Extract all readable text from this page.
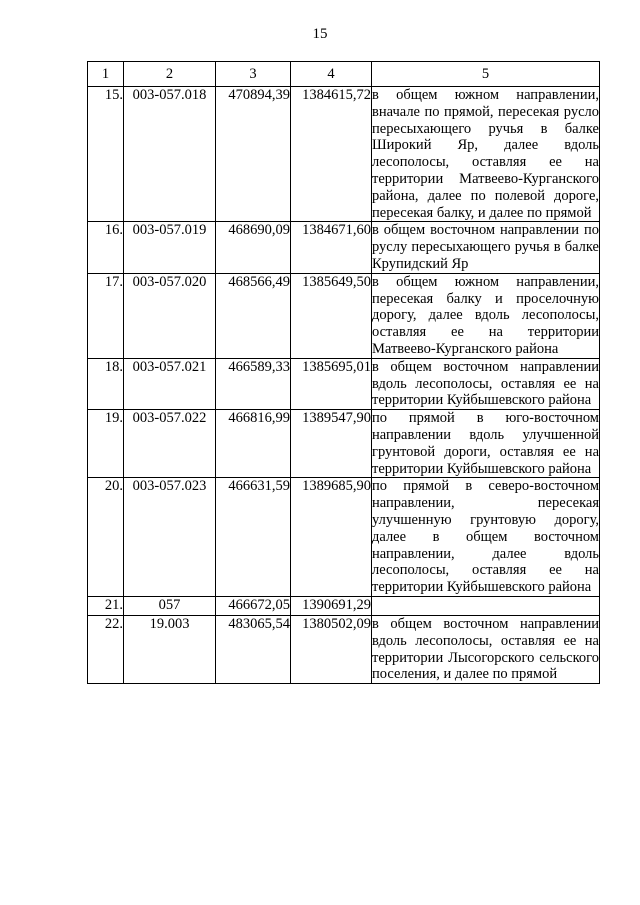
15
1	2	3	4	5
15.	003-057.018	470894,39	1384615,72	в общем южном направлении, вначале по прямой, пересекая русло пересыхающего ручья в балке Широкий Яр, далее вдоль лесополосы, оставляя ее на территории Матвеево-Курганского района, далее по полевой дороге, пересекая балку, и далее по прямой
16.	003-057.019	468690,09	1384671,60	в общем восточном направлении по руслу пересыхающего ручья в балке Крупидский Яр
17.	003-057.020	468566,49	1385649,50	в общем южном направлении, пересекая балку и проселочную дорогу, далее вдоль лесополосы, оставляя ее на территории Матвеево-Курганского района
18.	003-057.021	466589,33	1385695,01	в общем восточном направлении вдоль лесополосы, оставляя ее на территории Куйбышевского района
19.	003-057.022	466816,99	1389547,90	по прямой в юго-восточном направлении вдоль улучшенной грунтовой дороги, оставляя ее на территории Куйбышевского района
20.	003-057.023	466631,59	1389685,90	по прямой в северо-восточном направлении, пересекая улучшенную грунтовую дорогу, далее в общем восточном направлении, далее вдоль лесополосы, оставляя ее на территории Куйбышевского района
21.	057	466672,05	1390691,29	
22.	19.003	483065,54	1380502,09	в общем восточном направлении вдоль лесополосы, оставляя ее на территории Лысогорского сельского поселения, и далее по прямой
